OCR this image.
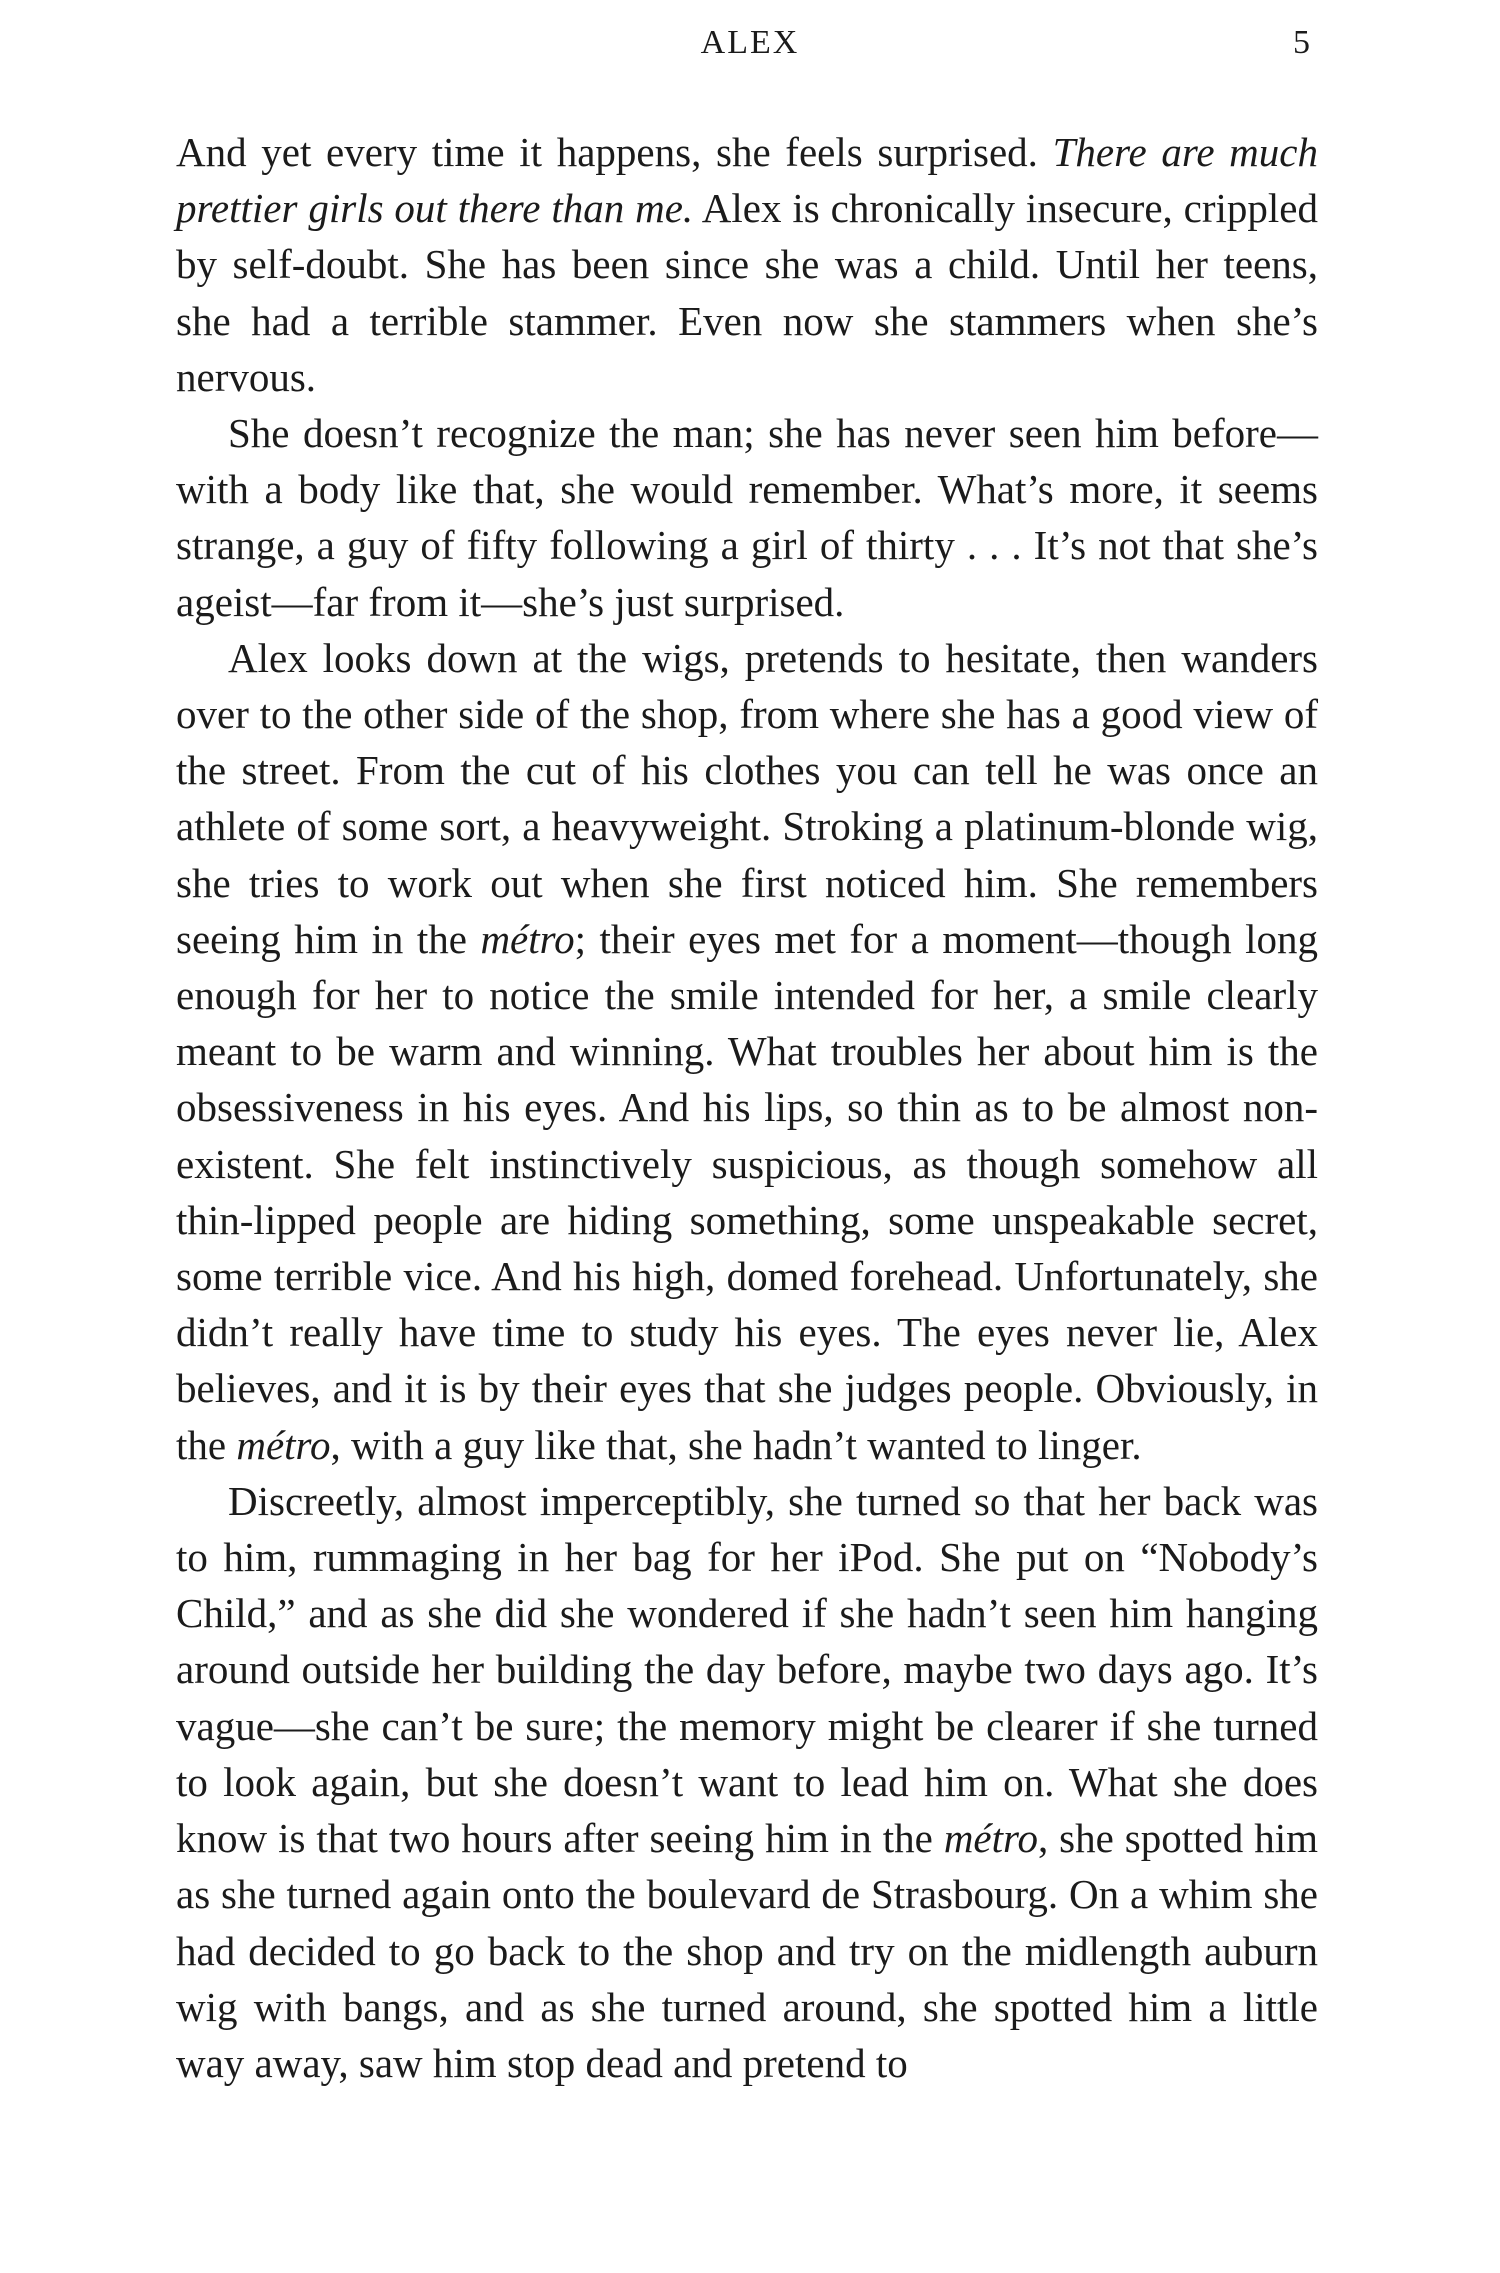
ALEX	5

And yet every time it happens, she feels surprised. There are much prettier girls out there than me. Alex is chronically insecure, crippled by self-doubt. She has been since she was a child. Until her teens, she had a terrible stammer. Even now she stammers when she’s nervous.

She doesn’t recognize the man; she has never seen him before—with a body like that, she would remember. What’s more, it seems strange, a guy of fifty following a girl of thirty . . . It’s not that she’s ageist—far from it—she’s just surprised.

Alex looks down at the wigs, pretends to hesitate, then wanders over to the other side of the shop, from where she has a good view of the street. From the cut of his clothes you can tell he was once an athlete of some sort, a heavyweight. Stroking a platinum-blonde wig, she tries to work out when she first noticed him. She remembers seeing him in the métro; their eyes met for a moment—though long enough for her to notice the smile intended for her, a smile clearly meant to be warm and winning. What troubles her about him is the obsessiveness in his eyes. And his lips, so thin as to be almost non-existent. She felt instinctively suspicious, as though somehow all thin-lipped people are hiding something, some unspeakable secret, some terrible vice. And his high, domed forehead. Unfortunately, she didn’t really have time to study his eyes. The eyes never lie, Alex believes, and it is by their eyes that she judges people. Obviously, in the métro, with a guy like that, she hadn’t wanted to linger.

Discreetly, almost imperceptibly, she turned so that her back was to him, rummaging in her bag for her iPod. She put on “Nobody’s Child,” and as she did she wondered if she hadn’t seen him hanging around outside her building the day before, maybe two days ago. It’s vague—she can’t be sure; the memory might be clearer if she turned to look again, but she doesn’t want to lead him on. What she does know is that two hours after seeing him in the métro, she spotted him as she turned again onto the boulevard de Strasbourg. On a whim she had decided to go back to the shop and try on the midlength auburn wig with bangs, and as she turned around, she spotted him a little way away, saw him stop dead and pretend to
